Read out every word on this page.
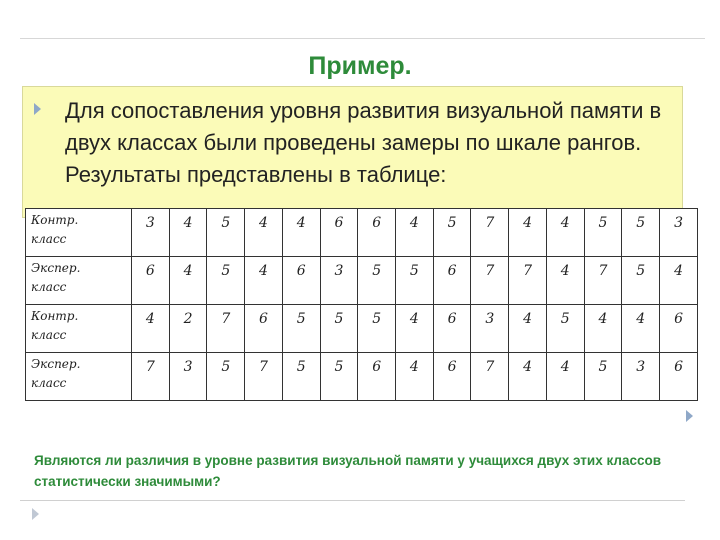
Пример.
Для сопоставления уровня развития визуальной памяти в двух классах были проведены замеры по шкале рангов. Результаты представлены в таблице:
Контр.
класс	3	4	5	4	4	6	6	4	5	7	4	4	5	5	3

Экспер.
класс	6	4	5	4	6	3	5	5	6	7	7	4	7	5	4

Контр.
класс	4	2	7	6	5	5	5	4	6	3	4	5	4	4	6

Экспер.
класс	7	3	5	7	5	5	6	4	6	7	4	4	5	3	6
Являются ли различия в уровне развития визуальной памяти у учащихся двух этих классов статистически значимыми?
